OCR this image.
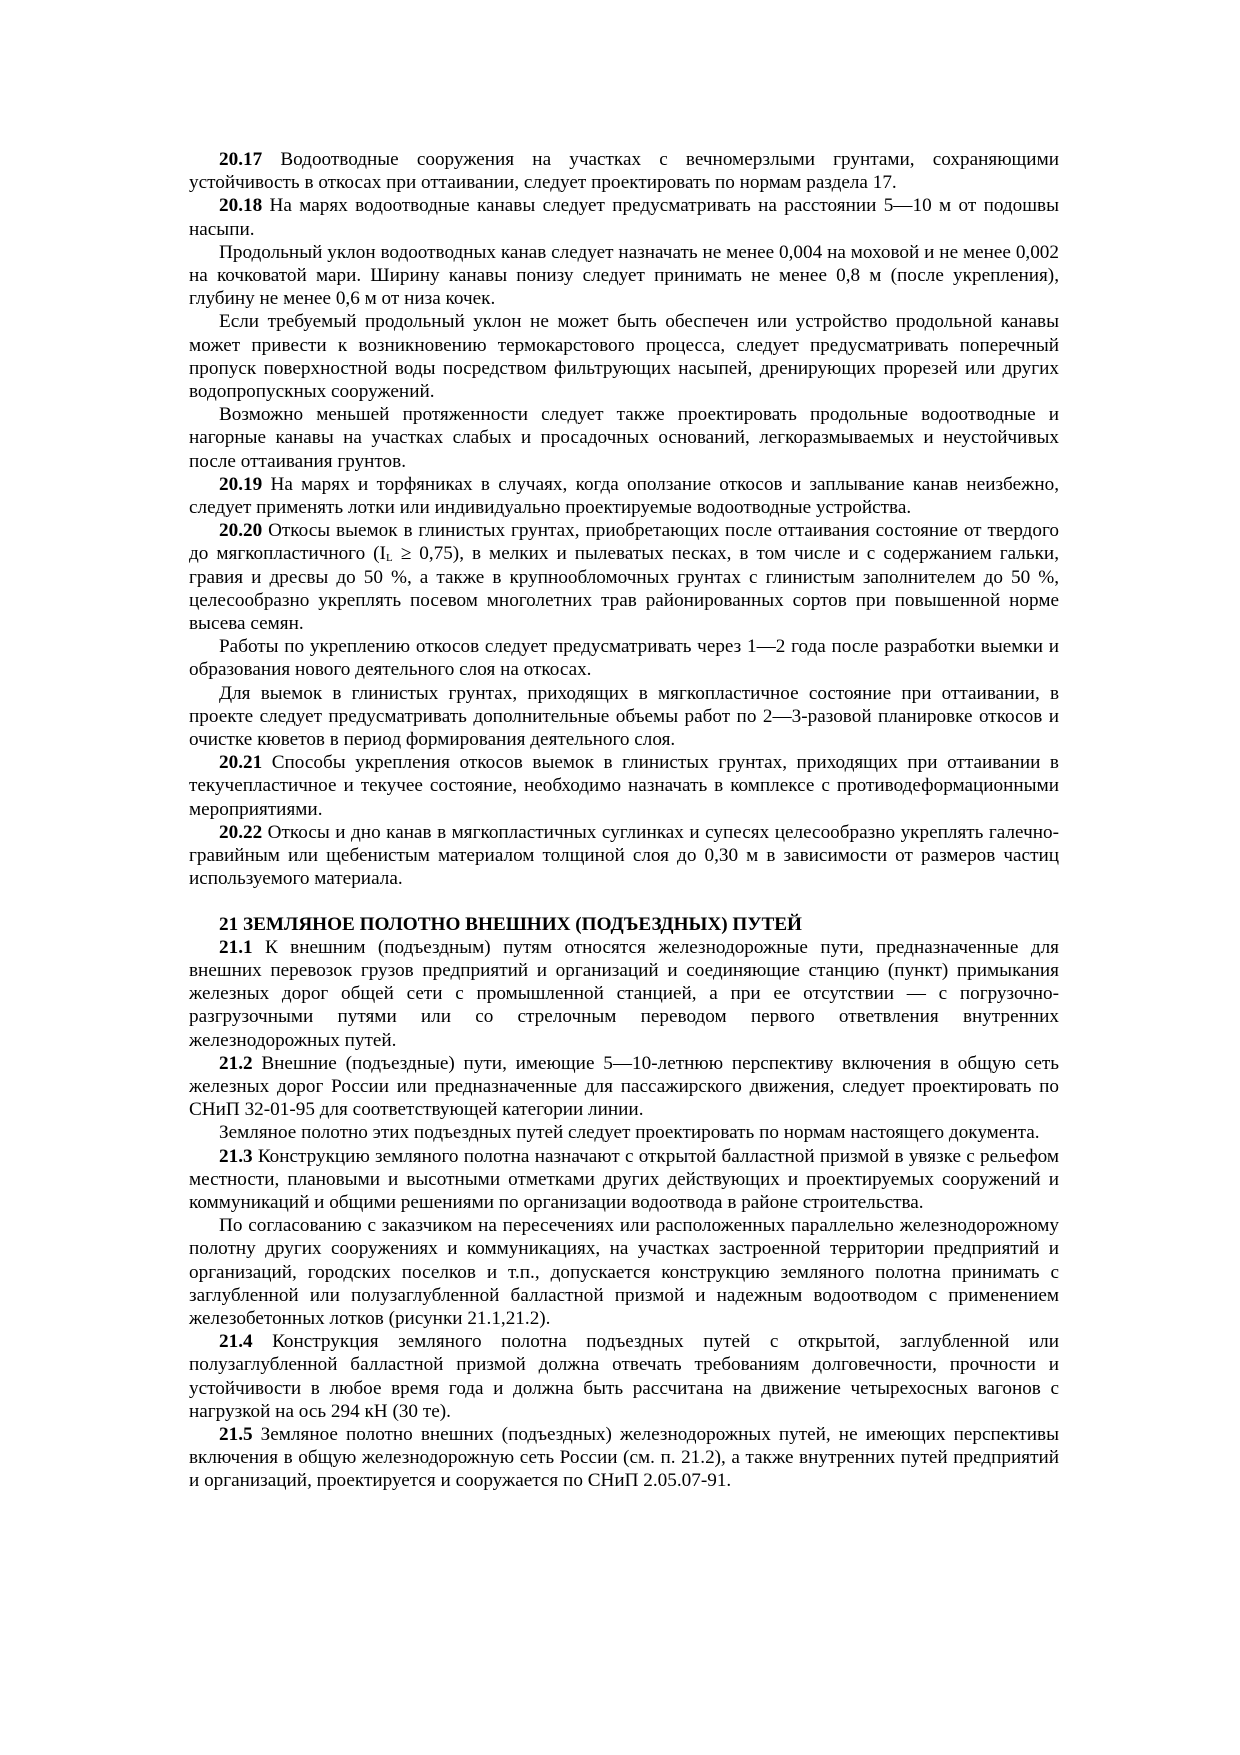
20.17 Водоотводные сооружения на участках с вечномерзлыми грунтами, сохраняющими устойчивость в откосах при оттаивании, следует проектировать по нормам раздела 17.

20.18 На марях водоотводные канавы следует предусматривать на расстоянии 5—10 м от подошвы насыпи.

Продольный уклон водоотводных канав следует назначать не менее 0,004 на моховой и не менее 0,002 на кочковатой мари. Ширину канавы понизу следует принимать не менее 0,8 м (после укрепления), глубину не менее 0,6 м от низа кочек.

Если требуемый продольный уклон не может быть обеспечен или устройство продольной канавы может привести к возникновению термокарстового процесса, следует предусматривать поперечный пропуск поверхностной воды посредством фильтрующих насыпей, дренирующих прорезей или других водопропускных сооружений.

Возможно меньшей протяженности следует также проектировать продольные водоотводные и нагорные канавы на участках слабых и просадочных оснований, легкоразмываемых и неустойчивых после оттаивания грунтов.

20.19 На марях и торфяниках в случаях, когда оползание откосов и заплывание канав неизбежно, следует применять лотки или индивидуально проектируемые водоотводные устройства.

20.20 Откосы выемок в глинистых грунтах, приобретающих после оттаивания состояние от твердого до мягкопластичного $(I_L \ge 0,75)$, в мелких и пылеватых песках, в том числе и с содержанием гальки, гравия и дресвы до 50 %, а также в крупнообломочных грунтах с глинистым заполнителем до 50 %, целесообразно укреплять посевом многолетних трав районированных сортов при повышенной норме высева семян.

Работы по укреплению откосов следует предусматривать через 1—2 года после разработки выемки и образования нового деятельного слоя на откосах.

Для выемок в глинистых грунтах, приходящих в мягкопластичное состояние при оттаивании, в проекте следует предусматривать дополнительные объемы работ по 2—3-разовой планировке откосов и очистке кюветов в период формирования деятельного слоя.

20.21 Способы укрепления откосов выемок в глинистых грунтах, приходящих при оттаивании в текучепластичное и текучее состояние, необходимо назначать в комплексе с противодеформационными мероприятиями.

20.22 Откосы и дно канав в мягкопластичных суглинках и супесях целесообразно укреплять галечно-гравийным или щебенистым материалом толщиной слоя до 0,30 м в зависимости от размеров частиц используемого материала.

21 ЗЕМЛЯНОЕ ПОЛОТНО ВНЕШНИХ (ПОДЪЕЗДНЫХ) ПУТЕЙ

21.1 К внешним (подъездным) путям относятся железнодорожные пути, предназначенные для внешних перевозок грузов предприятий и организаций и соединяющие станцию (пункт) примыкания железных дорог общей сети с промышленной станцией, а при ее отсутствии — с погрузочно-разгрузочными путями или со стрелочным переводом первого ответвления внутренних железнодорожных путей.

21.2 Внешние (подъездные) пути, имеющие 5—10-летнюю перспективу включения в общую сеть железных дорог России или предназначенные для пассажирского движения, следует проектировать по СНиП 32-01-95 для соответствующей категории линии.

Земляное полотно этих подъездных путей следует проектировать по нормам настоящего документа.

21.3 Конструкцию земляного полотна назначают с открытой балластной призмой в увязке с рельефом местности, плановыми и высотными отметками других действующих и проектируемых сооружений и коммуникаций и общими решениями по организации водоотвода в районе строительства.

По согласованию с заказчиком на пересечениях или расположенных параллельно железнодорожному полотну других сооружениях и коммуникациях, на участках застроенной территории предприятий и организаций, городских поселков и т.п., допускается конструкцию земляного полотна принимать с заглубленной или полузаглубленной балластной призмой и надежным водоотводом с применением железобетонных лотков (рисунки 21.1,21.2).

21.4 Конструкция земляного полотна подъездных путей с открытой, заглубленной или полузаглубленной балластной призмой должна отвечать требованиям долговечности, прочности и устойчивости в любое время года и должна быть рассчитана на движение четырехосных вагонов с нагрузкой на ось 294 кН (30 те).

21.5 Земляное полотно внешних (подъездных) железнодорожных путей, не имеющих перспективы включения в общую железнодорожную сеть России (см. п. 21.2), а также внутренних путей предприятий и организаций, проектируется и сооружается по СНиП 2.05.07-91.
